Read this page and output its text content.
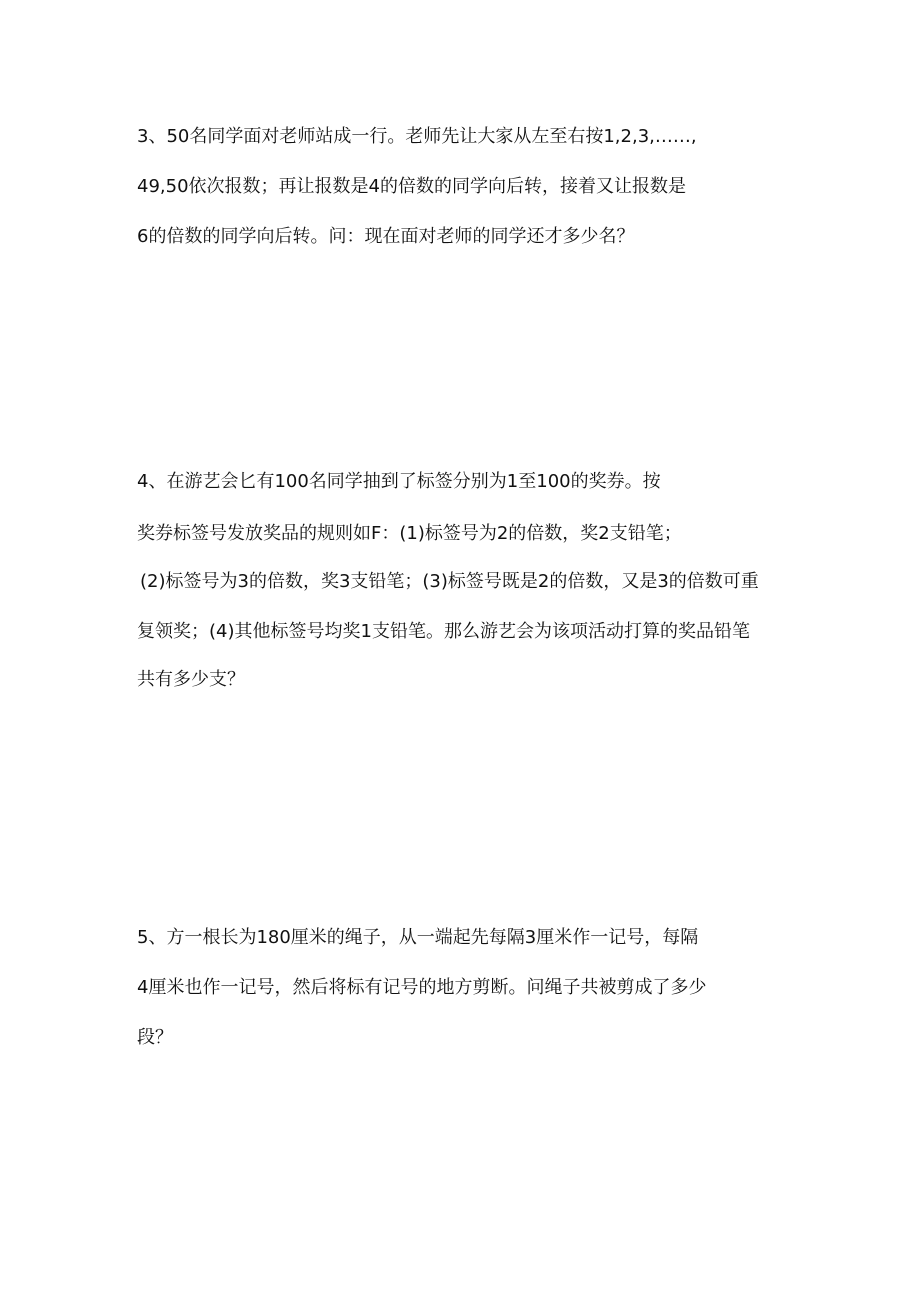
3、50名同学面对老师站成一行。老师先让大家从左至右按1,2,3,……,
49,50依次报数；再让报数是4的倍数的同学向后转，接着又让报数是
6的倍数的同学向后转。问：现在面对老师的同学还才多少名？
4、在游艺会匕有100名同学抽到了标签分别为1至100的奖券。按
奖券标签号发放奖品的规则如F：(1)标签号为2的倍数，奖2支铅笔；
(2)标签号为3的倍数，奖3支铅笔；(3)标签号既是2的倍数，又是3的倍数可重
复领奖；(4)其他标签号均奖1支铅笔。那么游艺会为该项活动打算的奖品铅笔
共有多少支？
5、方一根长为180厘米的绳子，从一端起先每隔3厘米作一记号，每隔
4厘米也作一记号，然后将标有记号的地方剪断。问绳子共被剪成了多少
段？
